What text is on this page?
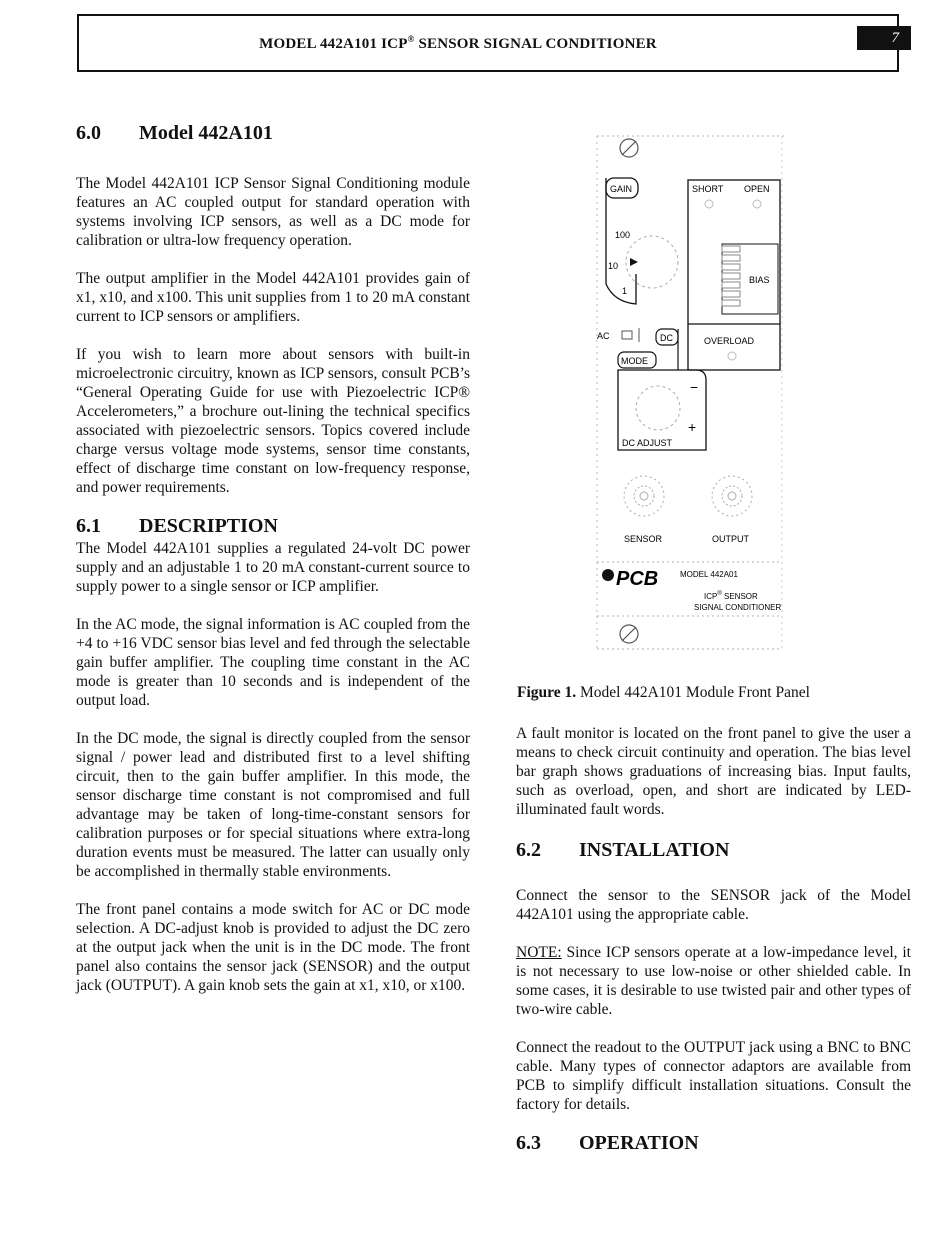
MODEL 442A101 ICP® SENSOR SIGNAL CONDITIONER	7
6.0 Model 442A101

The Model 442A101 ICP Sensor Signal Conditioning module features an AC coupled output for standard operation with systems involving ICP sensors, as well as a DC mode for calibration or ultra-low frequency operation.

The output amplifier in the Model 442A101 provides gain of x1, x10, and x100. This unit supplies from 1 to 20 mA constant current to ICP sensors or amplifiers.

If you wish to learn more about sensors with built-in microelectronic circuitry, known as ICP sensors, consult PCB’s “General Operating Guide for use with Piezoelectric ICP® Accelerometers,” a brochure out-lining the technical specifics associated with piezoelectric sensors. Topics covered include charge versus voltage mode systems, sensor time constants, effect of discharge time constant on low-frequency response, and power requirements.

6.1 DESCRIPTION

The Model 442A101 supplies a regulated 24-volt DC power supply and an adjustable 1 to 20 mA constant-current source to supply power to a single sensor or ICP amplifier.

In the AC mode, the signal information is AC coupled from the +4 to +16 VDC sensor bias level and fed through the selectable gain buffer amplifier. The coupling time constant in the AC mode is greater than 10 seconds and is independent of the output load.

In the DC mode, the signal is directly coupled from the sensor signal / power lead and distributed first to a level shifting circuit, then to the gain buffer amplifier. In this mode, the sensor discharge time constant is not compromised and full advantage may be taken of long-time-constant sensors for calibration purposes or for special situations where extra-long duration events must be measured. The latter can usually only be accomplished in thermally stable environments.

The front panel contains a mode switch for AC or DC mode selection. A DC-adjust knob is provided to adjust the DC zero at the output jack when the unit is in the DC mode. The front panel also contains the sensor jack (SENSOR) and the output jack (OUTPUT). A gain knob sets the gain at x1, x10, or x100.

GAIN
100
10
1
SHORT OPEN
BIAS
OVERLOAD
AC	DC
MODE
−
+
DC ADJUST
SENSOR	OUTPUT
PCB	MODEL 442A01
ICP® SENSOR
SIGNAL CONDITIONER
Figure 1. Model 442A101 Module Front Panel

A fault monitor is located on the front panel to give the user a means to check circuit continuity and operation. The bias level bar graph shows graduations of increasing bias. Input faults, such as overload, open, and short are indicated by LED-illuminated fault words.

6.2 INSTALLATION

Connect the sensor to the SENSOR jack of the Model 442A101 using the appropriate cable.

NOTE: Since ICP sensors operate at a low-impedance level, it is not necessary to use low-noise or other shielded cable. In some cases, it is desirable to use twisted pair and other types of two-wire cable.

Connect the readout to the OUTPUT jack using a BNC to BNC cable. Many types of connector adaptors are available from PCB to simplify difficult installation situations. Consult the factory for details.

6.3 OPERATION
